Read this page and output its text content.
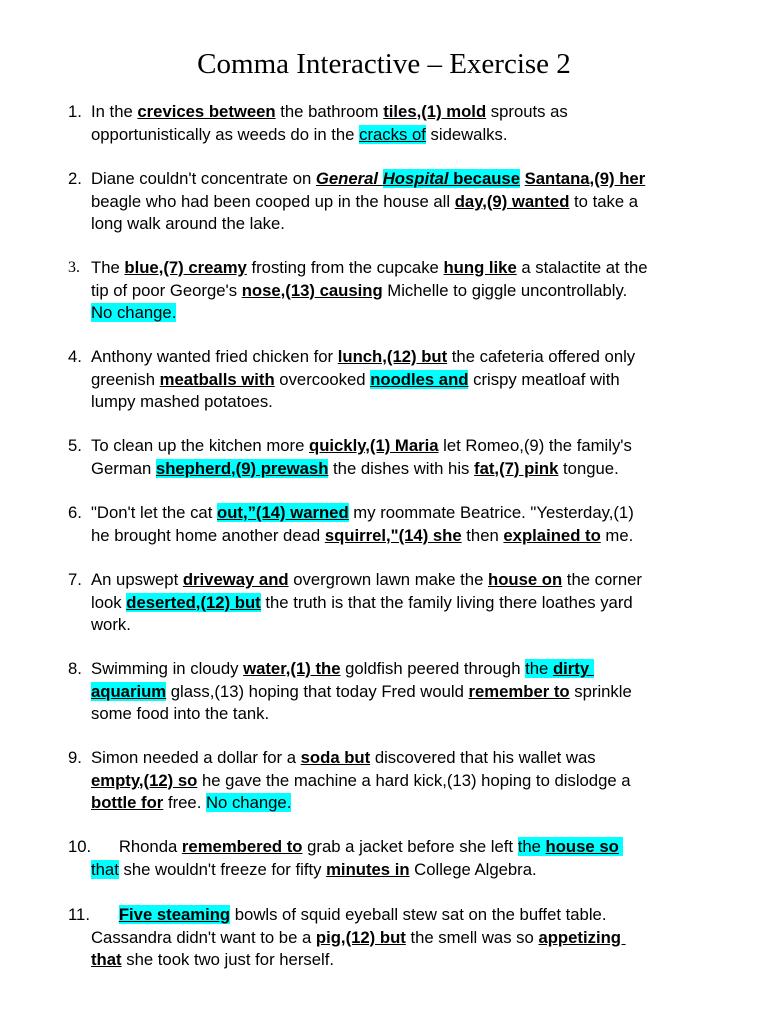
Comma Interactive – Exercise 2
1. In the crevices between the bathroom tiles,(1) mold sprouts as
opportunistically as weeds do in the cracks of sidewalks.
2. Diane couldn't concentrate on General Hospital because Santana,(9) her
beagle who had been cooped up in the house all day,(9) wanted to take a
long walk around the lake.
3. The blue,(7) creamy frosting from the cupcake hung like a stalactite at the
tip of poor George's nose,(13) causing Michelle to giggle uncontrollably.
No change.
4. Anthony wanted fried chicken for lunch,(12) but the cafeteria offered only
greenish meatballs with overcooked noodles and crispy meatloaf with
lumpy mashed potatoes.
5. To clean up the kitchen more quickly,(1) Maria let Romeo,(9) the family's
German shepherd,(9) prewash the dishes with his fat,(7) pink tongue.
6. "Don't let the cat out,”(14) warned my roommate Beatrice. "Yesterday,(1)
he brought home another dead squirrel,"(14) she then explained to me.
7. An upswept driveway and overgrown lawn make the house on the corner
look deserted,(12) but the truth is that the family living there loathes yard
work.
8. Swimming in cloudy water,(1) the goldfish peered through the dirty
aquarium glass,(13) hoping that today Fred would remember to sprinkle
some food into the tank.
9. Simon needed a dollar for a soda but discovered that his wallet was
empty,(12) so he gave the machine a hard kick,(13) hoping to dislodge a
bottle for free. No change.
10. Rhonda remembered to grab a jacket before she left the house so
that she wouldn't freeze for fifty minutes in College Algebra.
11.	Five steaming bowls of squid eyeball stew sat on the buffet table.
Cassandra didn't want to be a pig,(12) but the smell was so appetizing
that she took two just for herself.
